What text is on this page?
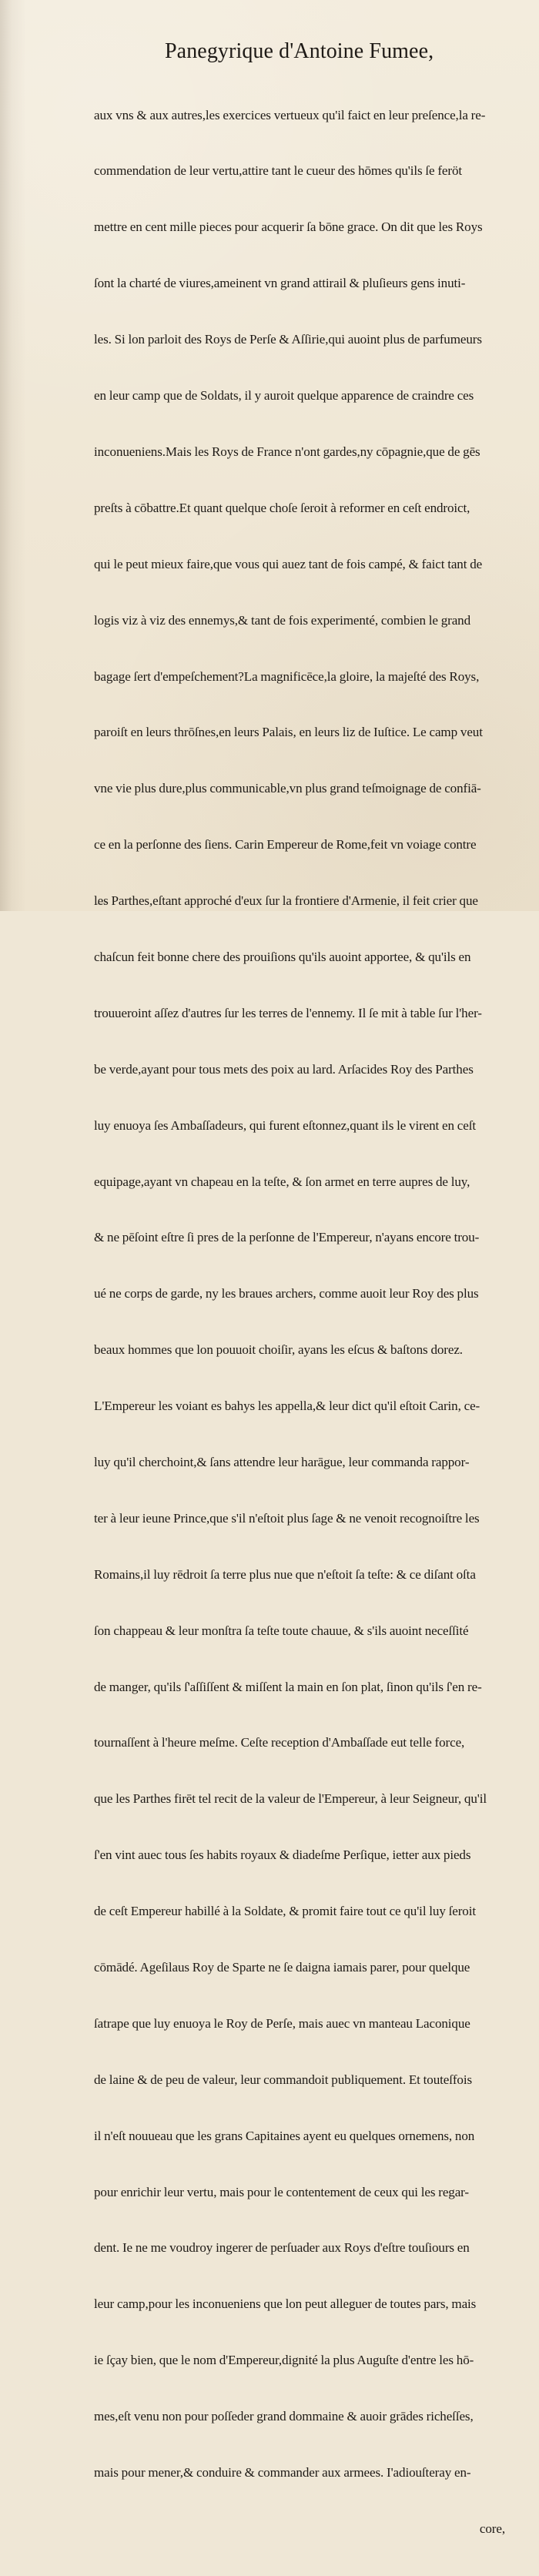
Panegyrique d'Antoine Fumee,

aux vns & aux autres,les exercices vertueux qu'il faict en leur preſence,la re-

commendation de leur vertu,attire tant le cueur des hōmes qu'ils ſe feröt

mettre en cent mille pieces pour acquerir ſa bōne grace. On dit que les Roys

ſont la charté de viures,ameinent vn grand attirail & pluſieurs gens inuti-

les. Si lon parloit des Roys de Perſe & Aſſirie,qui auoint plus de parfumeurs

en leur camp que de Soldats, il y auroit quelque apparence de craindre ces

inconueniens.Mais les Roys de France n'ont gardes,ny cōpagnie,que de gēs

preſts à cōbattre.Et quant quelque choſe ſeroit à reformer en ceſt endroict,

qui le peut mieux faire,que vous qui auez tant de fois campé, & faict tant de

logis viz à viz des ennemys,& tant de fois experimenté, combien le grand

bagage ſert d'empeſchement?La magnificēce,la gloire, la majeſté des Roys,

paroiſt en leurs thrōſnes,en leurs Palais, en leurs liz de Iuſtice. Le camp veut

vne vie plus dure,plus communicable,vn plus grand teſmoignage de confiā-

ce en la perſonne des ſiens. Carin Empereur de Rome,feit vn voiage contre

les Parthes,eſtant approché d'eux ſur la frontiere d'Armenie, il feit crier que

chaſcun feit bonne chere des prouiſions qu'ils auoint apportee, & qu'ils en

trouueroint aſſez d'autres ſur les terres de l'ennemy. Il ſe mit à table ſur l'her-

be verde,ayant pour tous mets des poix au lard. Arſacides Roy des Parthes

luy enuoya ſes Ambaſſadeurs, qui furent eſtonnez,quant ils le virent en ceſt

equipage,ayant vn chapeau en la teſte, & ſon armet en terre aupres de luy,

& ne pēſoint eſtre ſi pres de la perſonne de l'Empereur, n'ayans encore trou-

ué ne corps de garde, ny les braues archers, comme auoit leur Roy des plus

beaux hommes que lon pouuoit choiſir, ayans les eſcus & baſtons dorez.

L'Empereur les voiant es bahys les appella,& leur dict qu'il eſtoit Carin, ce-

luy qu'il cherchoint,& ſans attendre leur harāgue, leur commanda rappor-

ter à leur ieune Prince,que s'il n'eſtoit plus ſage & ne venoit recognoiſtre les

Romains,il luy rēdroit ſa terre plus nue que n'eſtoit ſa teſte: & ce diſant oſta

ſon chappeau & leur monſtra ſa teſte toute chauue, & s'ils auoint neceſſité

de manger, qu'ils ſ'aſſiſſent & miſſent la main en ſon plat, ſinon qu'ils ſ'en re-

tournaſſent à l'heure meſme. Ceſte reception d'Ambaſſade eut telle force,

que les Parthes firēt tel recit de la valeur de l'Empereur, à leur Seigneur, qu'il

ſ'en vint auec tous ſes habits royaux & diadeſme Perſique, ietter aux pieds

de ceſt Empereur habillé à la Soldate, & promit faire tout ce qu'il luy ſeroit

cōmādé. Ageſilaus Roy de Sparte ne ſe daigna iamais parer, pour quelque

ſatrape que luy enuoya le Roy de Perſe, mais auec vn manteau Laconique

de laine & de peu de valeur, leur commandoit publiquement. Et touteſfois

il n'eſt nouueau que les grans Capitaines ayent eu quelques ornemens, non

pour enrichir leur vertu, mais pour le contentement de ceux qui les regar-

dent. Ie ne me voudroy ingerer de perſuader aux Roys d'eſtre touſiours en

leur camp,pour les inconueniens que lon peut alleguer de toutes pars, mais

ie ſçay bien, que le nom d'Empereur,dignité la plus Auguſte d'entre les hō-

mes,eſt venu non pour poſſeder grand dommaine & auoir grādes richeſſes,

mais pour mener,& conduire & commander aux armees. I'adiouſteray en-

core,
